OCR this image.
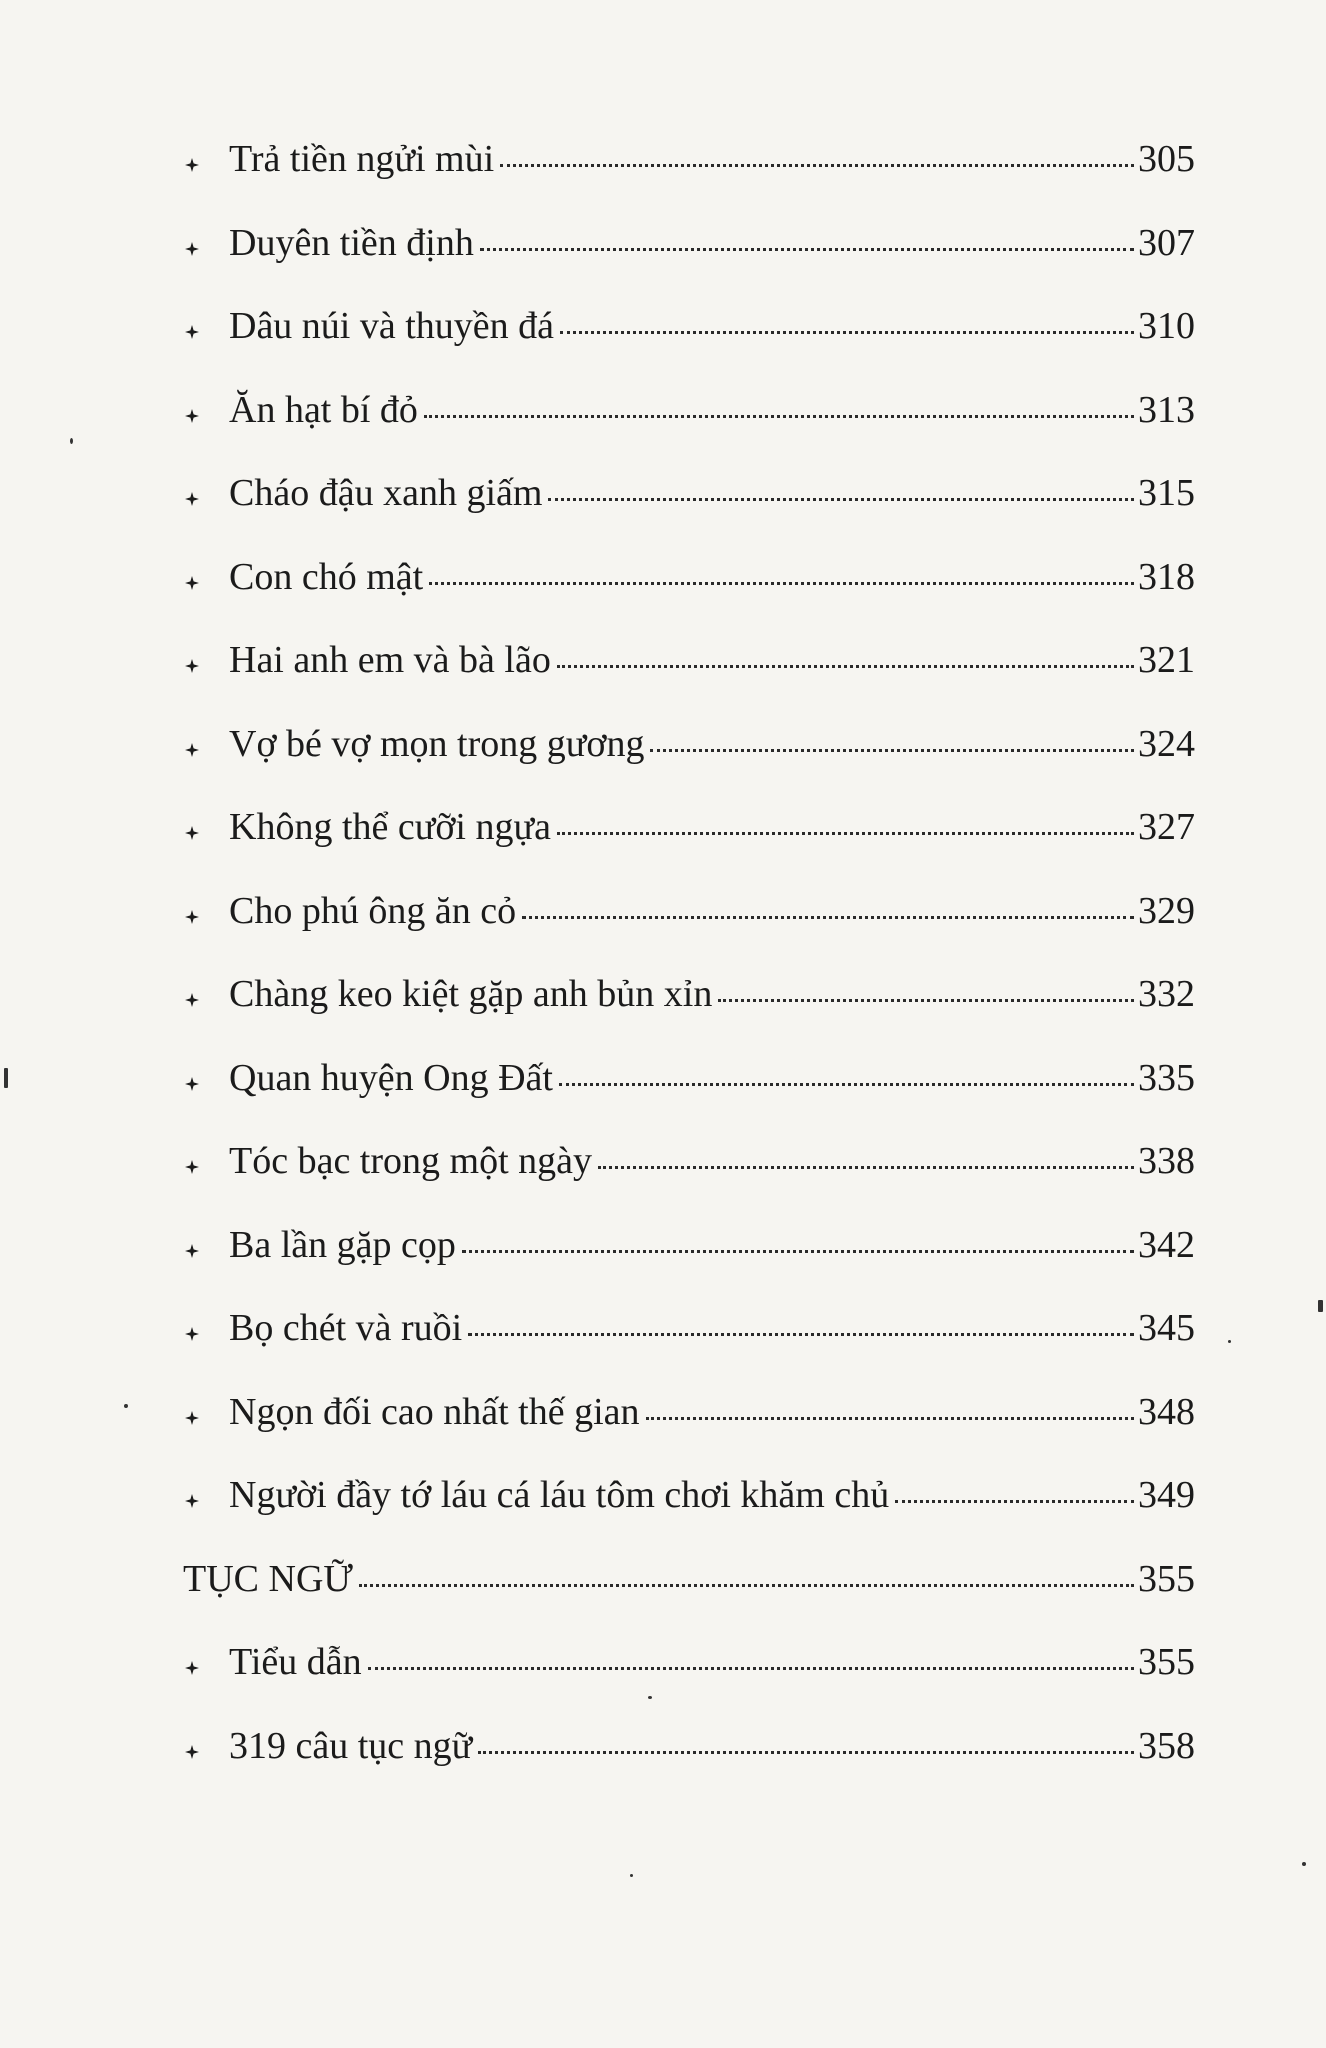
Trả tiền ngửi mùi	305
Duyên tiền định	307
Dâu núi và thuyền đá	310
Ăn hạt bí đỏ	313
Cháo đậu xanh giấm	315
Con chó mật	318
Hai anh em và bà lão	321
Vợ bé vợ mọn trong gương	324
Không thể cưỡi ngựa	327
Cho phú ông ăn cỏ	329
Chàng keo kiệt gặp anh bủn xỉn	332
Quan huyện Ong Đất	335
Tóc bạc trong một ngày	338
Ba lần gặp cọp	342
Bọ chét và ruồi	345
Ngọn đối cao nhất thế gian	348
Người đầy tớ láu cá láu tôm chơi khăm chủ	349
TỤC NGỮ	355
Tiểu dẫn	355
319 câu tục ngữ	358
